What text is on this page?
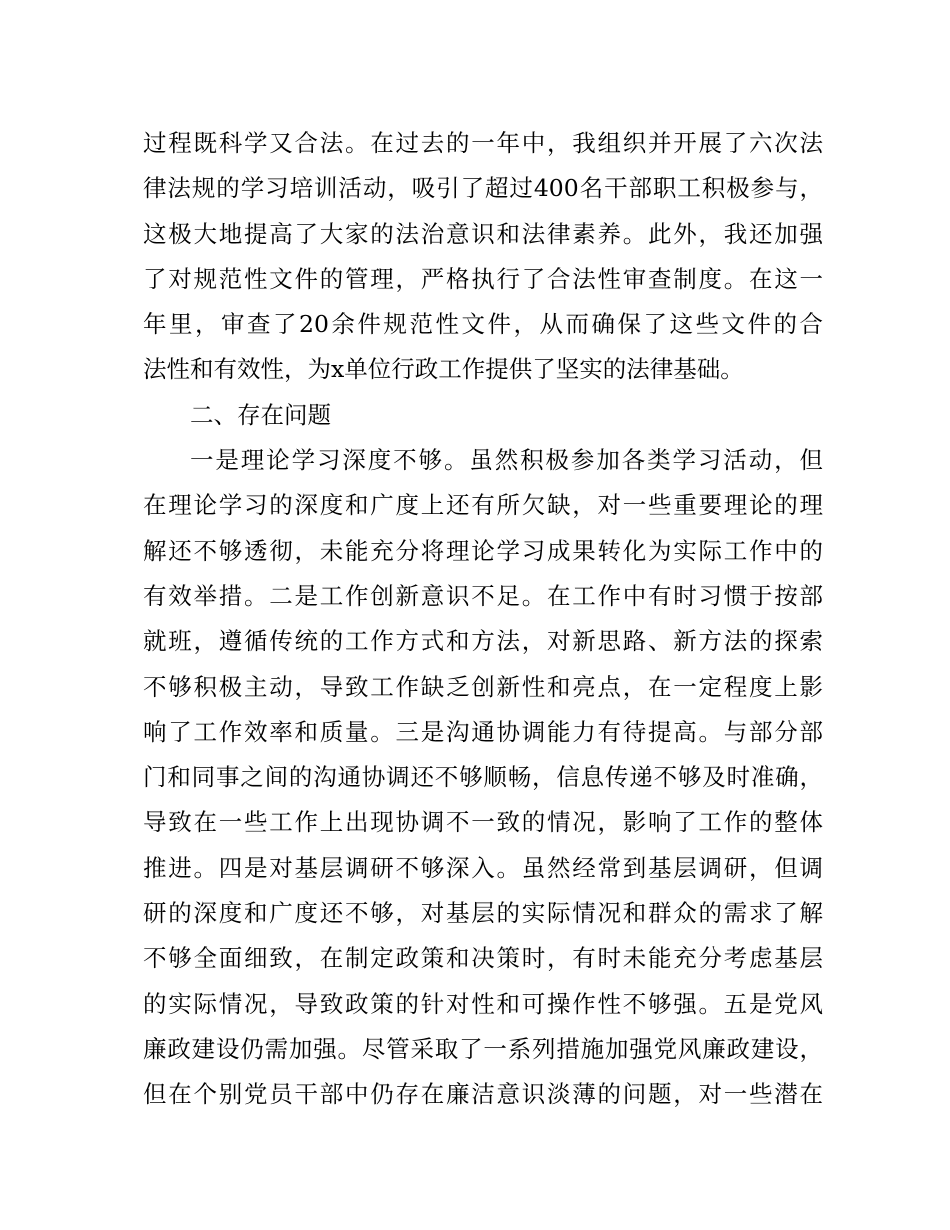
过程既科学又合法。在过去的一年中，我组织并开展了六次法
律法规的学习培训活动，吸引了超过400名干部职工积极参与，
这极大地提高了大家的法治意识和法律素养。此外，我还加强
了对规范性文件的管理，严格执行了合法性审查制度。在这一
年里，审查了20余件规范性文件，从而确保了这些文件的合
法性和有效性，为x单位行政工作提供了坚实的法律基础。
二、存在问题
一是理论学习深度不够。虽然积极参加各类学习活动，但
在理论学习的深度和广度上还有所欠缺，对一些重要理论的理
解还不够透彻，未能充分将理论学习成果转化为实际工作中的
有效举措。二是工作创新意识不足。在工作中有时习惯于按部
就班，遵循传统的工作方式和方法，对新思路、新方法的探索
不够积极主动，导致工作缺乏创新性和亮点，在一定程度上影
响了工作效率和质量。三是沟通协调能力有待提高。与部分部
门和同事之间的沟通协调还不够顺畅，信息传递不够及时准确，
导致在一些工作上出现协调不一致的情况，影响了工作的整体
推进。四是对基层调研不够深入。虽然经常到基层调研，但调
研的深度和广度还不够，对基层的实际情况和群众的需求了解
不够全面细致，在制定政策和决策时，有时未能充分考虑基层
的实际情况，导致政策的针对性和可操作性不够强。五是党风
廉政建设仍需加强。尽管采取了一系列措施加强党风廉政建设，
但在个别党员干部中仍存在廉洁意识淡薄的问题，对一些潜在
